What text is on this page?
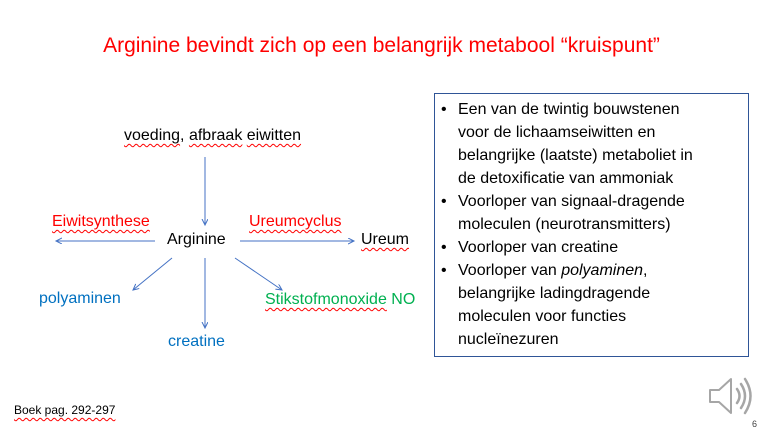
Arginine bevindt zich op een belangrijk metabool “kruispunt”
voeding, afbraak eiwitten
Arginine
Eiwitsynthese	Ureumcyclus
Ureum
polyaminen
creatine
Stikstofmonoxide NO
• Een van de twintig bouwstenen
voor de lichaamseiwitten en
belangrijke (laatste) metaboliet in
de detoxificatie van ammoniak
• Voorloper van signaal-dragende
moleculen (neurotransmitters)
• Voorloper van creatine
• Voorloper van polyaminen,
belangrijke ladingdragende
moleculen voor functies
nucleïnezuren
Boek pag. 292-297
6
